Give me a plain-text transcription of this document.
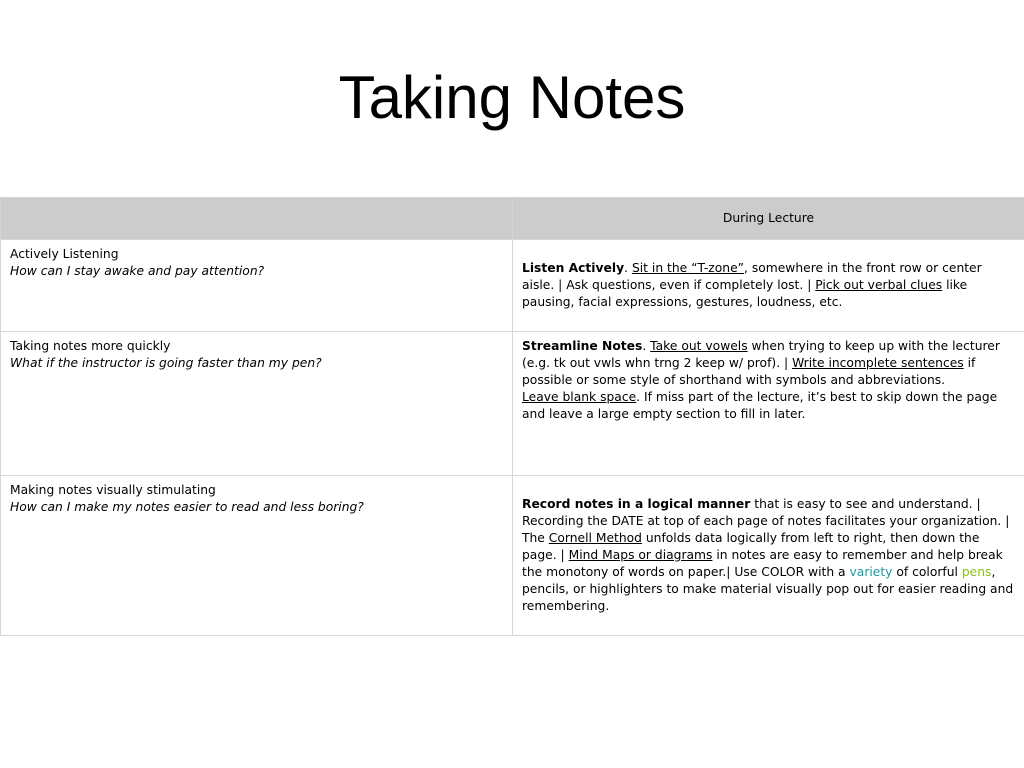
Taking Notes
	During Lecture

Actively Listening
How can I stay awake and pay attention?	Listen Actively. Sit in the “T-zone”, somewhere in the front row or center aisle. | Ask questions, even if completely lost. | Pick out verbal clues like pausing, facial expressions, gestures, loudness, etc.

Taking notes more quickly
What if the instructor is going faster than my pen?	Streamline Notes. Take out vowels when trying to keep up with the lecturer (e.g. tk out vwls whn trng 2 keep w/ prof). | Write incomplete sentences if possible or some style of shorthand with symbols and abbreviations.
Leave blank space. If miss part of the lecture, it’s best to skip down the page and leave a large empty section to fill in later.

Making notes visually stimulating
How can I make my notes easier to read and less boring?	Record notes in a logical manner that is easy to see and understand. | Recording the DATE at top of each page of notes facilitates your organization. | The Cornell Method unfolds data logically from left to right, then down the page. | Mind Maps or diagrams in notes are easy to remember and help break the monotony of words on paper.| Use COLOR with a variety of colorful pens, pencils, or highlighters to make material visually pop out for easier reading and remembering.
